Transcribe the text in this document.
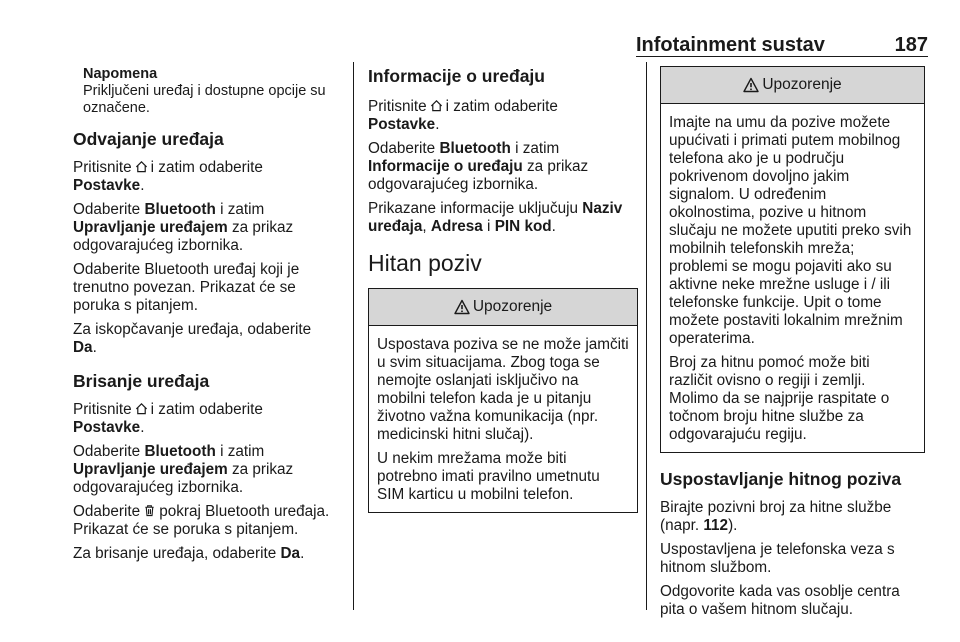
Infotainment sustav	187
Napomena
Priključeni uređaj i dostupne opcije su označene.
Odvajanje uređaja

Pritisnite i zatim odaberite
Postavke.

Odaberite Bluetooth i zatim
Upravljanje uređajem za prikaz odgovarajućeg izbornika.

Odaberite Bluetooth uređaj koji je trenutno povezan. Prikazat će se poruka s pitanjem.

Za iskopčavanje uređaja, odaberite
Da.

Brisanje uređaja

Pritisnite i zatim odaberite
Postavke.

Odaberite Bluetooth i zatim
Upravljanje uređajem za prikaz odgovarajućeg izbornika.

Odaberite pokraj Bluetooth uređaja. Prikazat će se poruka s pitanjem.

Za brisanje uređaja, odaberite Da.

Informacije o uređaju

Pritisnite i zatim odaberite
Postavke.

Odaberite Bluetooth i zatim
Informacije o uređaju za prikaz odgovarajućeg izbornika.

Prikazane informacije uključuju Naziv uređaja, Adresa i PIN kod.

Hitan poziv
Upozorenje

Uspostava poziva se ne može jamčiti u svim situacijama. Zbog toga se nemojte oslanjati isključivo na mobilni telefon kada je u pitanju životno važna komunikacija (npr. medicinski hitni slučaj).

U nekim mrežama može biti potrebno imati pravilno umetnutu SIM karticu u mobilni telefon.

Upozorenje

Imajte na umu da pozive možete upućivati i primati putem mobilnog telefona ako je u području pokrivenom dovoljno jakim signalom. U određenim okolnostima, pozive u hitnom slučaju ne možete uputiti preko svih mobilnih telefonskih mreža; problemi se mogu pojaviti ako su aktivne neke mrežne usluge i / ili telefonske funkcije. Upit o tome možete postaviti lokalnim mrežnim operaterima.

Broj za hitnu pomoć može biti različit ovisno o regiji i zemlji. Molimo da se najprije raspitate o točnom broju hitne službe za odgovarajuću regiju.

Uspostavljanje hitnog poziva

Birajte pozivni broj za hitne službe (napr. 112).

Uspostavljena je telefonska veza s hitnom službom.

Odgovorite kada vas osoblje centra pita o vašem hitnom slučaju.
